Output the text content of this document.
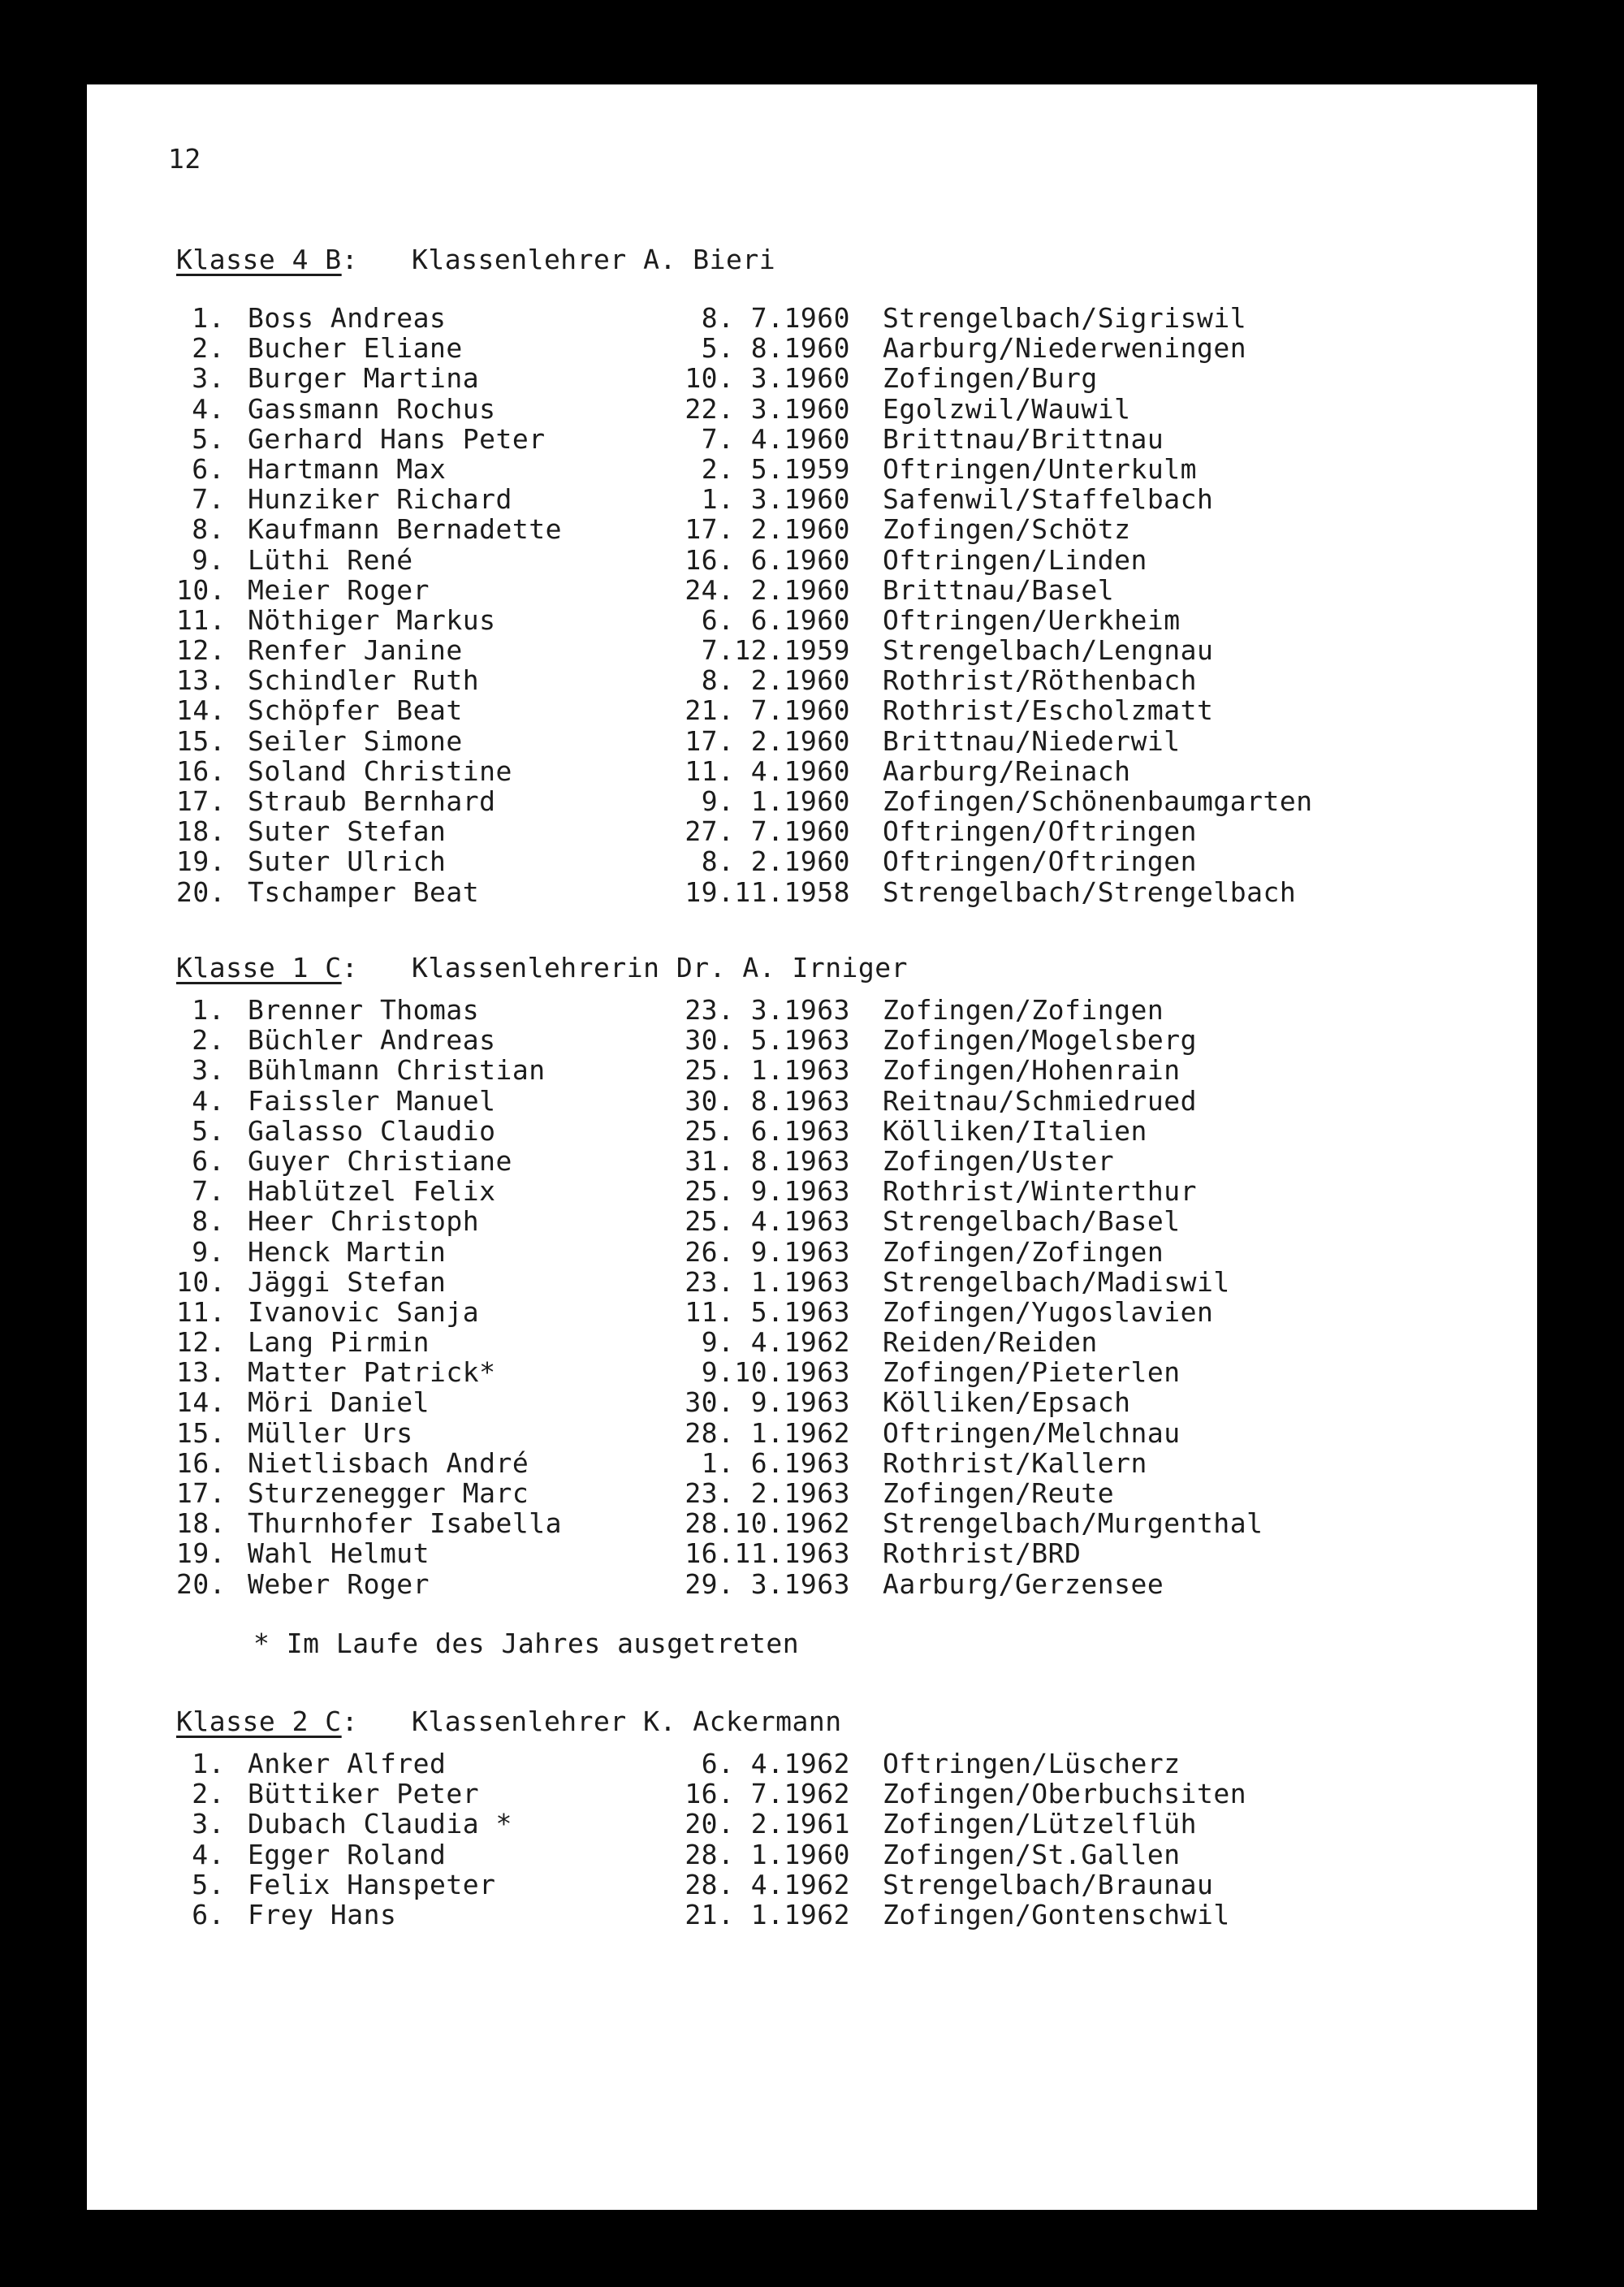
12
Klasse 4 B: Klassenlehrer A. Bieri
1. Boss Andreas	8. 7.1960 Strengelbach/Sigriswil
2. Bucher Eliane	5. 8.1960 Aarburg/Niederweningen
3. Burger Martina	10. 3.1960 Zofingen/Burg
4. Gassmann Rochus	22. 3.1960 Egolzwil/Wauwil
5. Gerhard Hans Peter	7. 4.1960 Brittnau/Brittnau
6. Hartmann Max	2. 5.1959 Oftringen/Unterkulm
7. Hunziker Richard	1. 3.1960 Safenwil/Staffelbach
8. Kaufmann Bernadette	17. 2.1960 Zofingen/Schötz
9. Lüthi René	16. 6.1960 Oftringen/Linden
10. Meier Roger	24. 2.1960 Brittnau/Basel
11. Nöthiger Markus	6. 6.1960 Oftringen/Uerkheim
12. Renfer Janine	7.12.1959 Strengelbach/Lengnau
13. Schindler Ruth	8. 2.1960 Rothrist/Röthenbach
14. Schöpfer Beat	21. 7.1960 Rothrist/Escholzmatt
15. Seiler Simone	17. 2.1960 Brittnau/Niederwil
16. Soland Christine	11. 4.1960 Aarburg/Reinach
17. Straub Bernhard	9. 1.1960 Zofingen/Schönenbaumgarten
18. Suter Stefan	27. 7.1960 Oftringen/Oftringen
19. Suter Ulrich	8. 2.1960 Oftringen/Oftringen
20. Tschamper Beat	19.11.1958 Strengelbach/Strengelbach
Klasse 1 C: Klassenlehrerin Dr. A. Irniger
1. Brenner Thomas	23. 3.1963 Zofingen/Zofingen
2. Büchler Andreas	30. 5.1963 Zofingen/Mogelsberg
3. Bühlmann Christian	25. 1.1963 Zofingen/Hohenrain
4. Faissler Manuel	30. 8.1963 Reitnau/Schmiedrued
5. Galasso Claudio	25. 6.1963 Kölliken/Italien
6. Guyer Christiane	31. 8.1963 Zofingen/Uster
7. Hablützel Felix	25. 9.1963 Rothrist/Winterthur
8. Heer Christoph	25. 4.1963 Strengelbach/Basel
9. Henck Martin	26. 9.1963 Zofingen/Zofingen
10. Jäggi Stefan	23. 1.1963 Strengelbach/Madiswil
11. Ivanovic Sanja	11. 5.1963 Zofingen/Yugoslavien
12. Lang Pirmin	9. 4.1962 Reiden/Reiden
13. Matter Patrick*	9.10.1963 Zofingen/Pieterlen
14. Möri Daniel	30. 9.1963 Kölliken/Epsach
15. Müller Urs	28. 1.1962 Oftringen/Melchnau
16. Nietlisbach André	1. 6.1963 Rothrist/Kallern
17. Sturzenegger Marc	23. 2.1963 Zofingen/Reute
18. Thurnhofer Isabella	28.10.1962 Strengelbach/Murgenthal
19. Wahl Helmut	16.11.1963 Rothrist/BRD
20. Weber Roger	29. 3.1963 Aarburg/Gerzensee
* Im Laufe des Jahres ausgetreten
Klasse 2 C: Klassenlehrer K. Ackermann
1. Anker Alfred	6. 4.1962 Oftringen/Lüscherz
2. Büttiker Peter	16. 7.1962 Zofingen/Oberbuchsiten
3. Dubach Claudia *	20. 2.1961 Zofingen/Lützelflüh
4. Egger Roland	28. 1.1960 Zofingen/St.Gallen
5. Felix Hanspeter	28. 4.1962 Strengelbach/Braunau
6. Frey Hans	21. 1.1962 Zofingen/Gontenschwil
